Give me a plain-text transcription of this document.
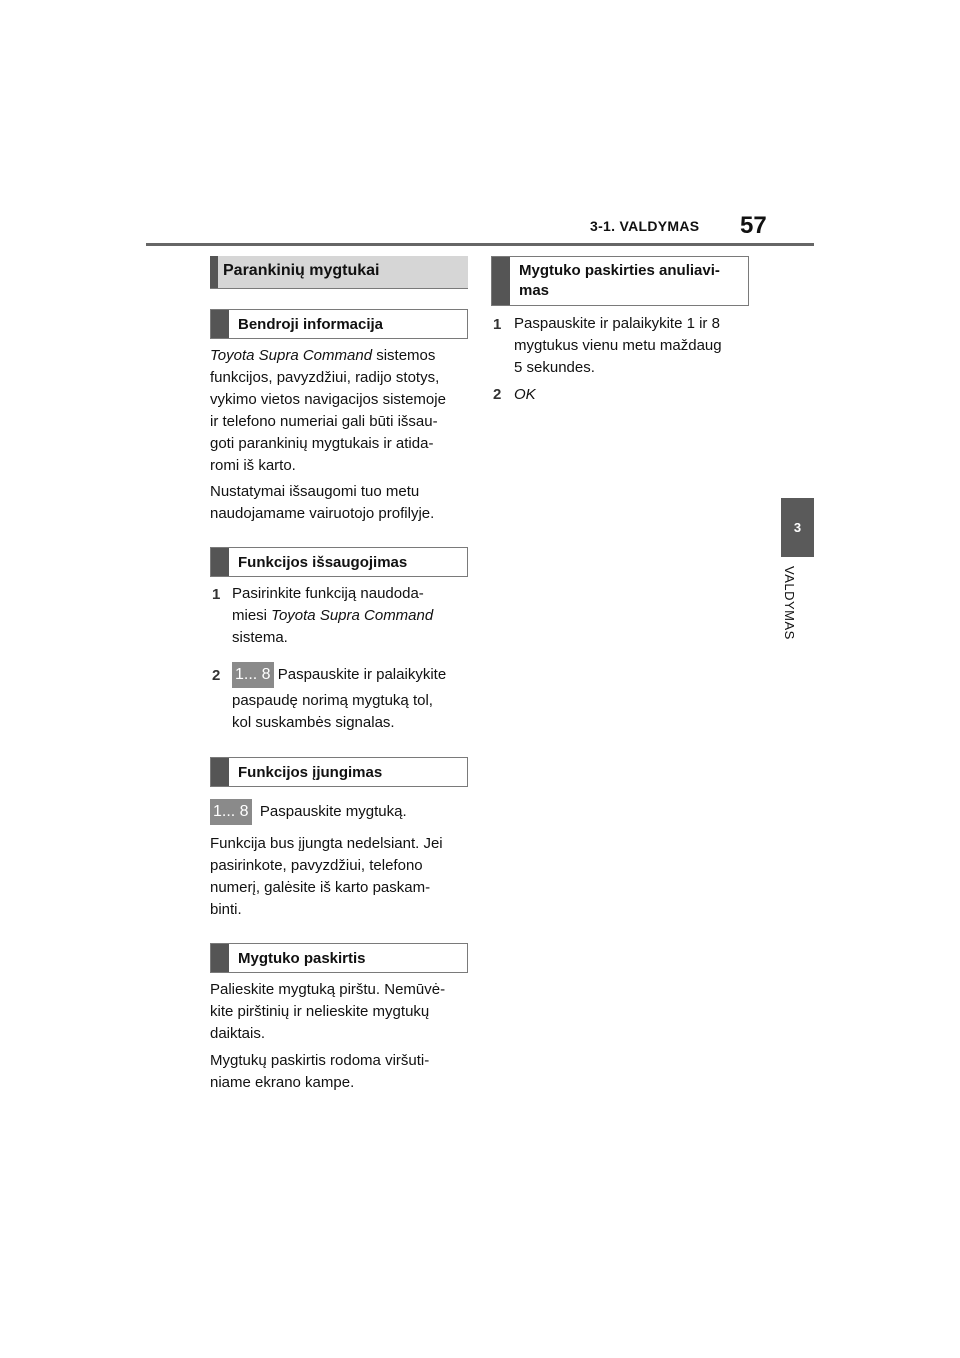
3-1. VALDYMAS 57
3
VALDYMAS
Parankinių mygtukai
Bendroji informacija
Toyota Supra Command sistemos
funkcijos, pavyzdžiui, radijo stotys,
vykimo vietos navigacijos sistemoje
ir telefono numeriai gali būti išsau-
goti parankinių mygtukais ir atida-
romi iš karto.
Nustatymai išsaugomi tuo metu
naudojamame vairuotojo profilyje.
Funkcijos išsaugojimas
1 Pasirinkite funkciją naudoda-
miesi Toyota Supra Command
sistema.
2 1... 8 Paspauskite ir palaikykite
paspaudę norimą mygtuką tol,
kol suskambės signalas.
Funkcijos įjungimas
1... 8  Paspauskite mygtuką.
Funkcija bus įjungta nedelsiant. Jei
pasirinkote, pavyzdžiui, telefono
numerį, galėsite iš karto paskam-
binti.
Mygtuko paskirtis
Palieskite mygtuką pirštu. Nemūvė-
kite pirštinių ir nelieskite mygtukų
daiktais.
Mygtukų paskirtis rodoma viršuti-
niame ekrano kampe.
Mygtuko paskirties anuliavi-
mas
1 Paspauskite ir palaikykite 1 ir 8
mygtukus vienu metu maždaug
5 sekundes.
2 OK
